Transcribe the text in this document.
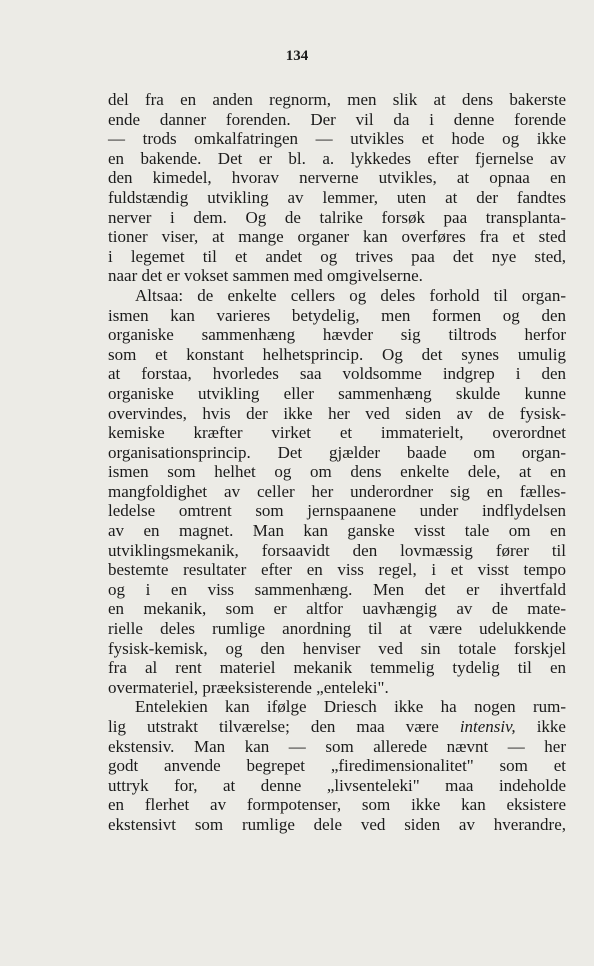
134
del fra en anden regnorm, men slik at dens bakerste
ende danner forenden. Der vil da i denne forende
— trods omkalfatringen — utvikles et hode og ikke
en bakende. Det er bl. a. lykkedes efter fjernelse av
den kimedel, hvorav nerverne utvikles, at opnaa en
fuldstændig utvikling av lemmer, uten at der fandtes
nerver i dem. Og de talrike forsøk paa transplanta-
tioner viser, at mange organer kan overføres fra et sted
i legemet til et andet og trives paa det nye sted,
naar det er vokset sammen med omgivelserne.
Altsaa: de enkelte cellers og deles forhold til organ-
ismen kan varieres betydelig, men formen og den
organiske sammenhæng hævder sig tiltrods herfor
som et konstant helhetsprincip. Og det synes umulig
at forstaa, hvorledes saa voldsomme indgrep i den
organiske utvikling eller sammenhæng skulde kunne
overvindes, hvis der ikke her ved siden av de fysisk-
kemiske kræfter virket et immaterielt, overordnet
organisationsprincip. Det gjælder baade om organ-
ismen som helhet og om dens enkelte dele, at en
mangfoldighet av celler her underordner sig en fælles-
ledelse omtrent som jernspaanene under indflydelsen
av en magnet. Man kan ganske visst tale om en
utviklingsmekanik, forsaavidt den lovmæssig fører til
bestemte resultater efter en viss regel, i et visst tempo
og i en viss sammenhæng. Men det er ihvertfald
en mekanik, som er altfor uavhængig av de mate-
rielle deles rumlige anordning til at være udelukkende
fysisk-kemisk, og den henviser ved sin totale forskjel
fra al rent materiel mekanik temmelig tydelig til en
overmateriel, præeksisterende „enteleki".
Entelekien kan ifølge Driesch ikke ha nogen rum-
lig utstrakt tilværelse; den maa være intensiv, ikke
ekstensiv. Man kan — som allerede nævnt — her
godt anvende begrepet „firedimensionalitet" som et
uttryk for, at denne „livsenteleki" maa indeholde
en flerhet av formpotenser, som ikke kan eksistere
ekstensivt som rumlige dele ved siden av hverandre,
